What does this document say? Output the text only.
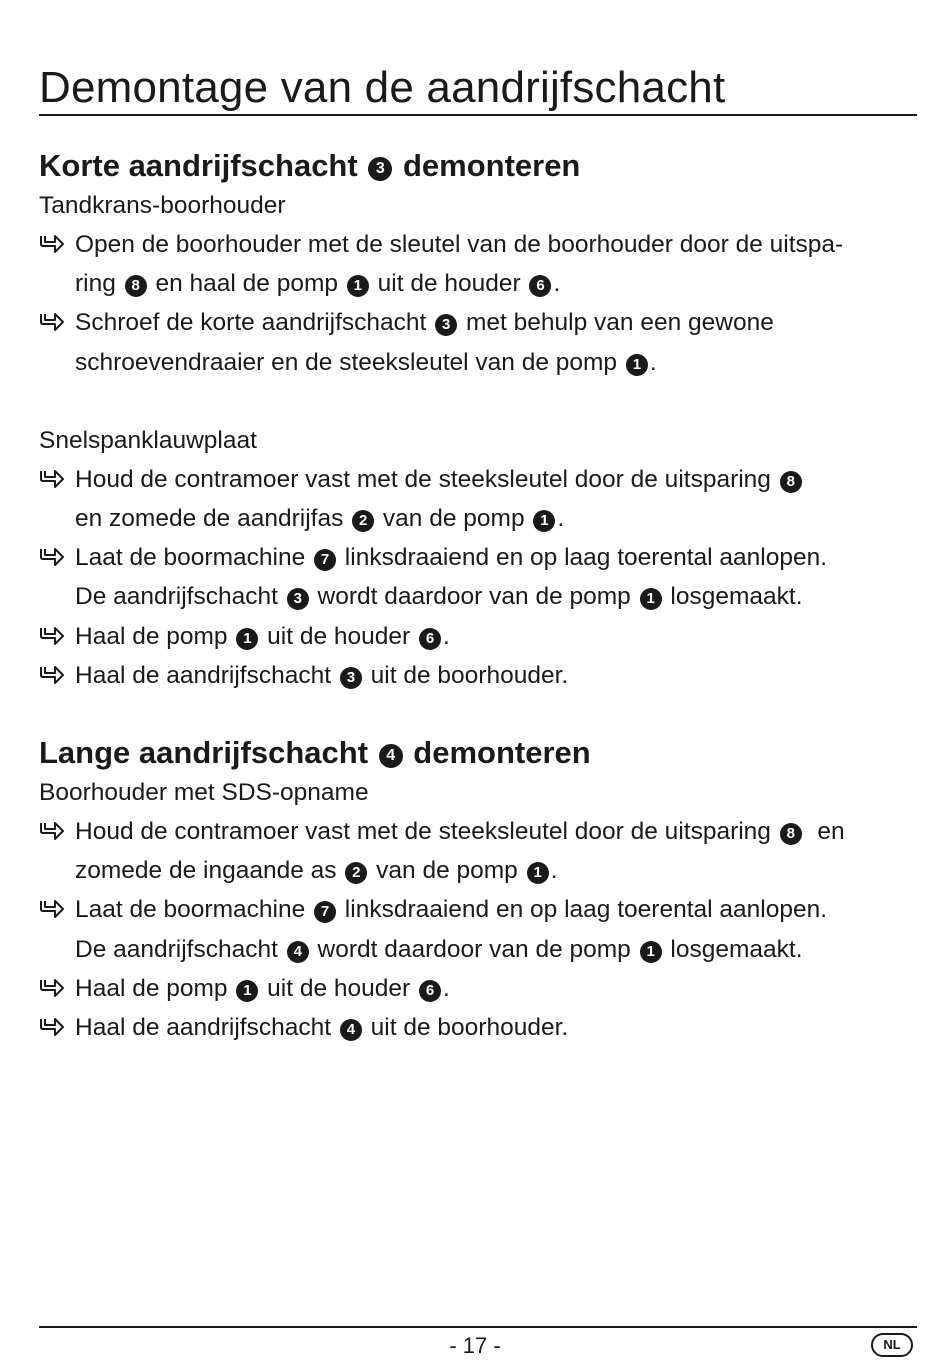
Demontage van de aandrijfschacht
Korte aandrijfschacht 3 demonteren
Tandkrans-boorhouder
Open de boorhouder met de sleutel van de boorhouder door de uitspa-
ring 8 en haal de pomp 1 uit de houder 6 .
Schroef de korte aandrijfschacht 3 met behulp van een gewone
schroevendraaier en de steeksleutel van de pomp 1 .
Snelspanklauwplaat
Houd de contramoer vast met de steeksleutel door de uitsparing 8
en zomede de aandrijfas 2 van de pomp 1 .
Laat de boormachine 7 linksdraaiend en op laag toerental aanlopen.
De aandrijfschacht 3 wordt daardoor van de pomp 1 losgemaakt.
Haal de pomp 1 uit de houder 6 .
Haal de aandrijfschacht 3 uit de boorhouder.
Lange aandrijfschacht 4 demonteren
Boorhouder met SDS-opname
Houd de contramoer vast met de steeksleutel door de uitsparing 8  en
zomede de ingaande as 2 van de pomp 1 .
Laat de boormachine 7 linksdraaiend en op laag toerental aanlopen.
De aandrijfschacht 4 wordt daardoor van de pomp 1 losgemaakt.
Haal de pomp 1 uit de houder 6 .
Haal de aandrijfschacht 4 uit de boorhouder.
- 17 -	NL
